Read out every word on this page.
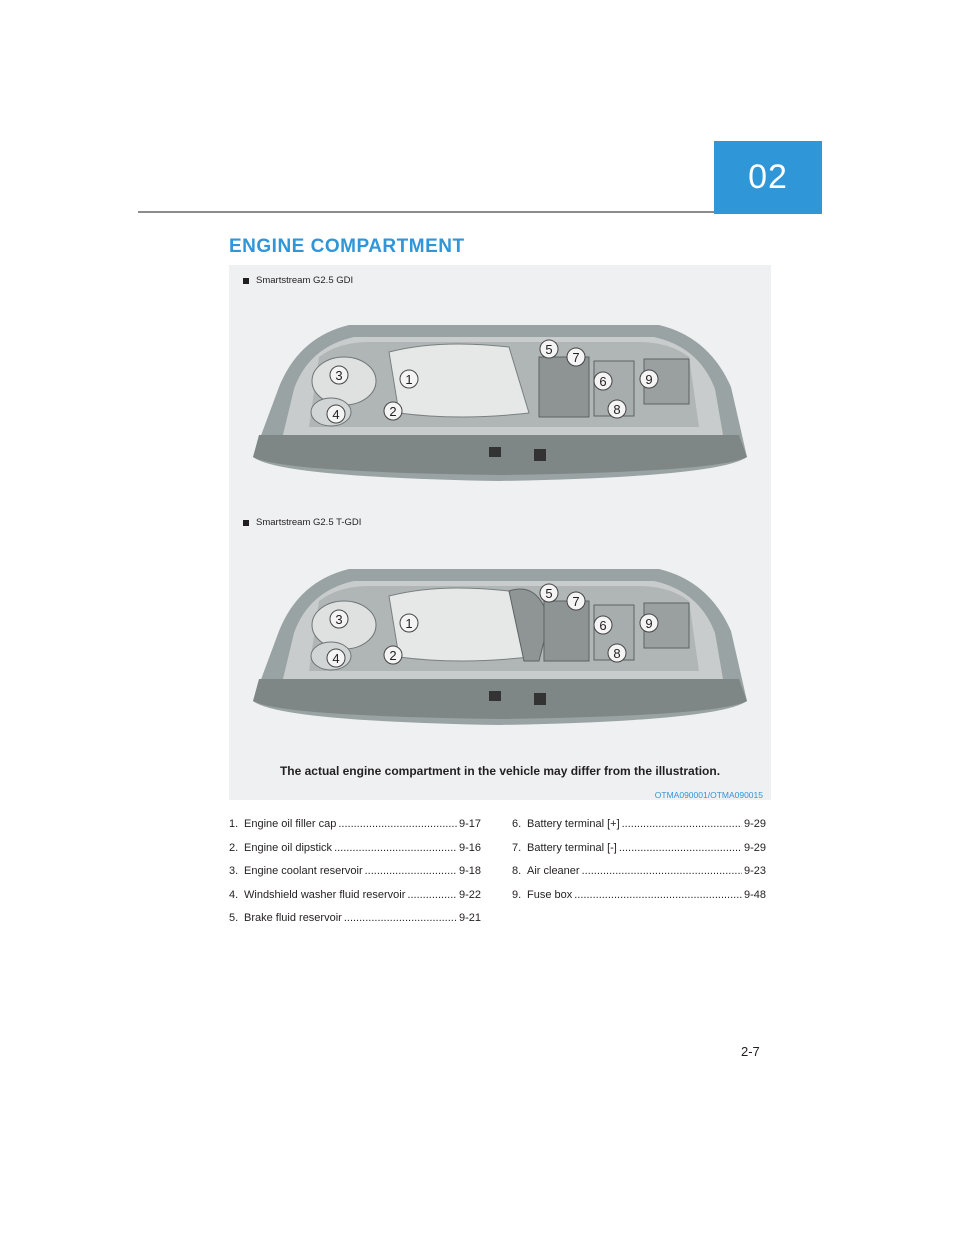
02
ENGINE COMPARTMENT
Smartstream G2.5 GDI
1
2
3
4
5
6
7
8
9
Smartstream G2.5 T-GDI
1
2
3
4
5
6
7
8
9
The actual engine compartment in the vehicle may differ from the illustration.
OTMA090001/OTMA090015
1. Engine oil filler cap .....	9-17
2. Engine oil dipstick .....	9-16
3. Engine coolant reservoir .....	9-18
4. Windshield washer fluid reservoir .....	9-22
5. Brake fluid reservoir .....	9-21
6. Battery terminal [+] .....	9-29
7. Battery terminal [-] .....	9-29
8. Air cleaner .....	9-23
9. Fuse box .....	9-48
2-7
